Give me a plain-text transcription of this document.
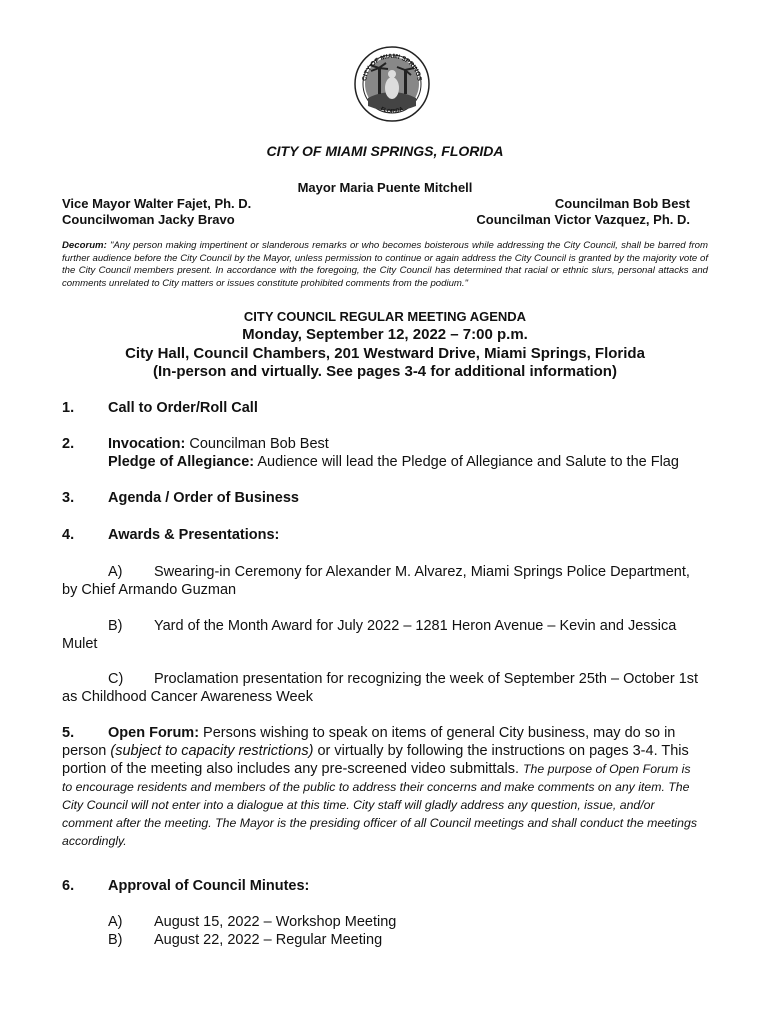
CITY OF MIAMI SPRINGS
FLORIDA
CITY OF MIAMI SPRINGS, FLORIDA
Mayor Maria Puente Mitchell
Vice Mayor Walter Fajet, Ph. D.
Councilwoman Jacky Bravo
Councilman Bob Best
Councilman Victor Vazquez, Ph. D.
Decorum: "Any person making impertinent or slanderous remarks or who becomes boisterous while addressing the City Council, shall be barred from further audience before the City Council by the Mayor, unless permission to continue or again address the City Council is granted by the majority vote of the City Council members present. In accordance with the foregoing, the City Council has determined that racial or ethnic slurs, personal attacks and comments unrelated to City matters or issues constitute prohibited comments from the podium."
CITY COUNCIL REGULAR MEETING AGENDA
Monday, September 12, 2022 – 7:00 p.m.
City Hall, Council Chambers, 201 Westward Drive, Miami Springs, Florida
(In-person and virtually. See pages 3-4 for additional information)
1. Call to Order/Roll Call
2. Invocation: Councilman Bob Best
Pledge of Allegiance: Audience will lead the Pledge of Allegiance and Salute to the Flag
3. Agenda / Order of Business
4. Awards & Presentations:
A) Swearing-in Ceremony for Alexander M. Alvarez, Miami Springs Police Department, by Chief Armando Guzman
B) Yard of the Month Award for July 2022 – 1281 Heron Avenue – Kevin and Jessica Mulet
C) Proclamation presentation for recognizing the week of September 25th – October 1st as Childhood Cancer Awareness Week
5. Open Forum: Persons wishing to speak on items of general City business, may do so in person (subject to capacity restrictions) or virtually by following the instructions on pages 3-4. This portion of the meeting also includes any pre-screened video submittals. The purpose of Open Forum is to encourage residents and members of the public to address their concerns and make comments on any item. The City Council will not enter into a dialogue at this time. City staff will gladly address any question, issue, and/or comment after the meeting. The Mayor is the presiding officer of all Council meetings and shall conduct the meetings accordingly.
6. Approval of Council Minutes:
A) August 15, 2022 – Workshop Meeting
B) August 22, 2022 – Regular Meeting
